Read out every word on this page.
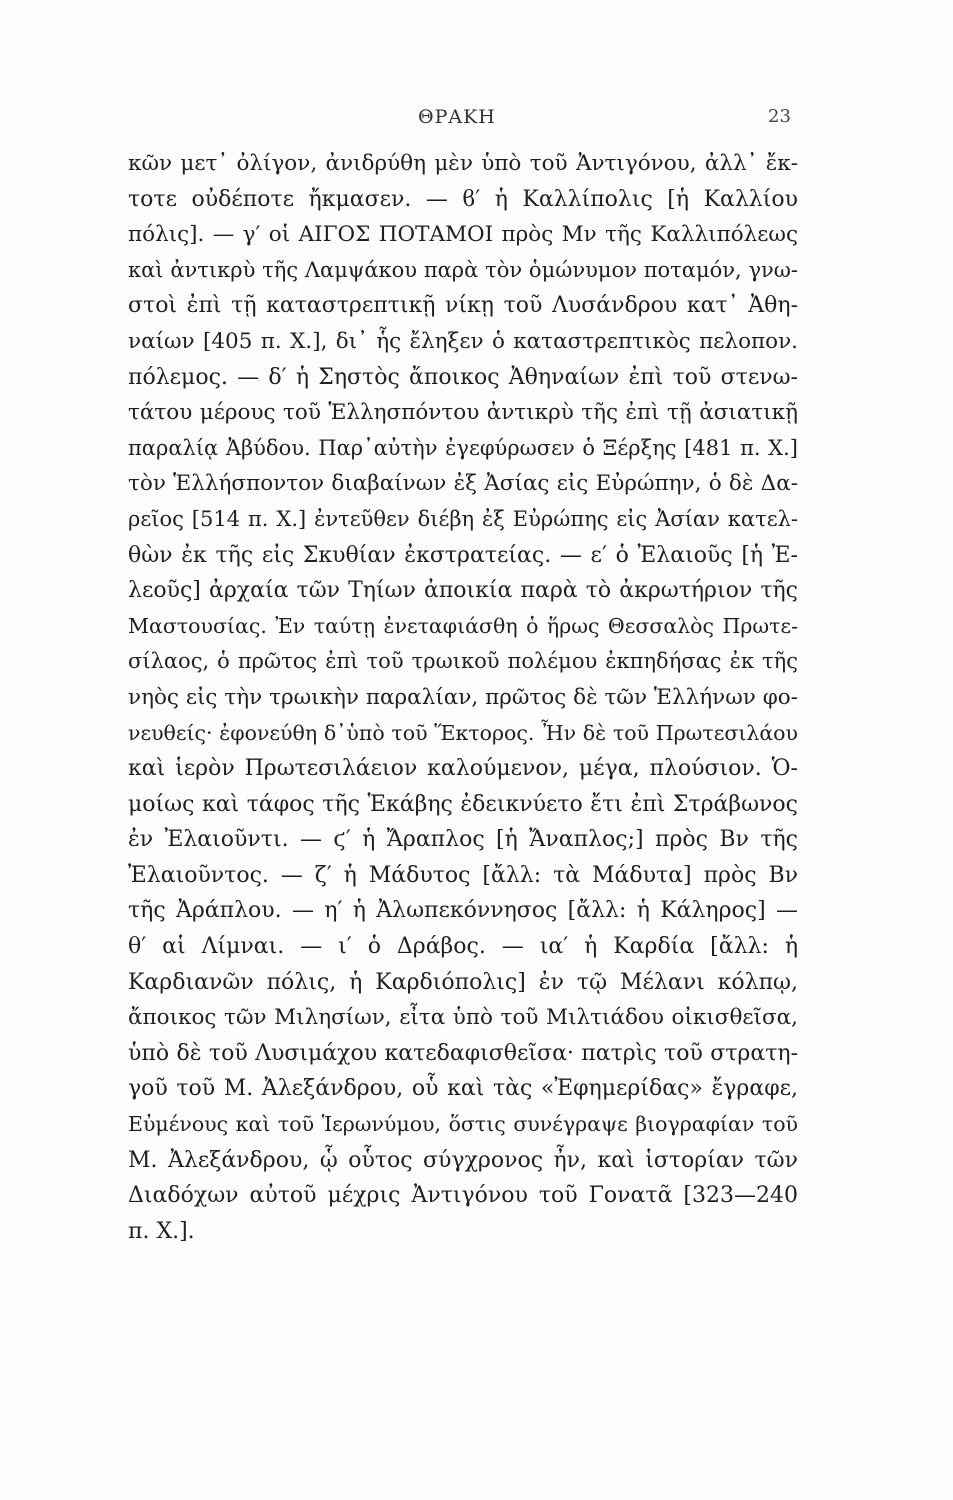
ΘΡΑΚΗ	23
κῶν μετ᾽ ὀλίγον, ἀνιδρύθη μὲν ὑπὸ τοῦ Ἀντιγόνου, ἀλλ᾽ ἔκ-
τοτε οὐδέποτε ἤκμασεν. — ϐ′ ἡ Καλλίπολις [ἡ Καλλίου
πόλις]. — γ′ οἱ ΑΙΓΟΣ ΠΟΤΑΜΟΙ πρὸς Μν τῆς Καλλιπόλεως
καὶ ἀντικρὺ τῆς Λαμψάκου παρὰ τὸν ὁμώνυμον ποταμόν, γνω-
στοὶ ἐπὶ τῇ καταστρεπτικῇ νίκῃ τοῦ Λυσάνδρου κατ᾽ Ἀθη-
ναίων [405 π. Χ.], δι᾽ ἧς ἔληξεν ὁ καταστρεπτικὸς πελοπον.
πόλεμος. — δ′ ἡ Σηστὸς ἄποικος Ἀθηναίων ἐπὶ τοῦ στενω-
τάτου μέρους τοῦ Ἑλλησπόντου ἀντικρὺ τῆς ἐπὶ τῇ ἀσιατικῇ
παραλίᾳ Ἀβύδου. Παρ᾽αὐτὴν ἐγεφύρωσεν ὁ Ξέρξης [481 π. Χ.]
τὸν Ἑλλήσποντον διαβαίνων ἐξ Ἀσίας εἰς Εὐρώπην, ὁ δὲ Δα-
ρεῖος [514 π. Χ.] ἐντεῦθεν διέβη ἐξ Εὐρώπης εἰς Ἀσίαν κατελ-
θὼν ἐκ τῆς εἰς Σκυθίαν ἐκστρατείας. — ε′ ὁ Ἐλαιοῦς [ἡ Ἐ-
λεοῦς] ἀρχαία τῶν Τηίων ἀποικία παρὰ τὸ ἀκρωτήριον τῆς
Μαστουσίας. Ἐν ταύτῃ ἐνεταφιάσθη ὁ ἥρως Θεσσαλὸς Πρωτε-
σίλαος, ὁ πρῶτος ἐπὶ τοῦ τρωικοῦ πολέμου ἐκπηδήσας ἐκ τῆς
νηὸς εἰς τὴν τρωικὴν παραλίαν, πρῶτος δὲ τῶν Ἑλλήνων φο-
νευθείς· ἐφονεύθη δ᾽ὑπὸ τοῦ Ἕκτορος. Ἦν δὲ τοῦ Πρωτεσιλάου
καὶ ἱερὸν Πρωτεσιλάειον καλούμενον, μέγα, πλούσιον. Ὁ-
μοίως καὶ τάφος τῆς Ἑκάβης ἐδεικνύετο ἔτι ἐπὶ Στράβωνος
ἐν Ἐλαιοῦντι. — ϛ′ ἡ Ἄραπλος [ἡ Ἄναπλος;] πρὸς Βν τῆς
Ἐλαιοῦντος. — ζ′ ἡ Μάδυτος [ἄλλ: τὰ Μάδυτα] πρὸς Βν
τῆς Ἀράπλου. — η′ ἡ Ἀλωπεκόννησος [ἄλλ: ἡ Κάληρος] —
θ′ αἱ Λίμναι. — ι′ ὁ Δράβος. — ια′ ἡ Καρδία [ἄλλ: ἡ
Καρδιανῶν πόλις, ἡ Καρδιόπολις] ἐν τῷ Μέλανι κόλπῳ,
ἄποικος τῶν Μιλησίων, εἶτα ὑπὸ τοῦ Μιλτιάδου οἰκισθεῖσα,
ὑπὸ δὲ τοῦ Λυσιμάχου κατεδαφισθεῖσα· πατρὶς τοῦ στρατη-
γοῦ τοῦ Μ. Ἀλεξάνδρου, οὗ καὶ τὰς «Ἐφημερίδας» ἔγραφε,
Εὐμένους καὶ τοῦ Ἱερωνύμου, ὅστις συνέγραψε βιογραφίαν τοῦ
Μ. Ἀλεξάνδρου, ᾧ οὗτος σύγχρονος ἦν, καὶ ἱστορίαν τῶν
Διαδόχων αὐτοῦ μέχρις Ἀντιγόνου τοῦ Γονατᾶ [323—240
π. Χ.].
